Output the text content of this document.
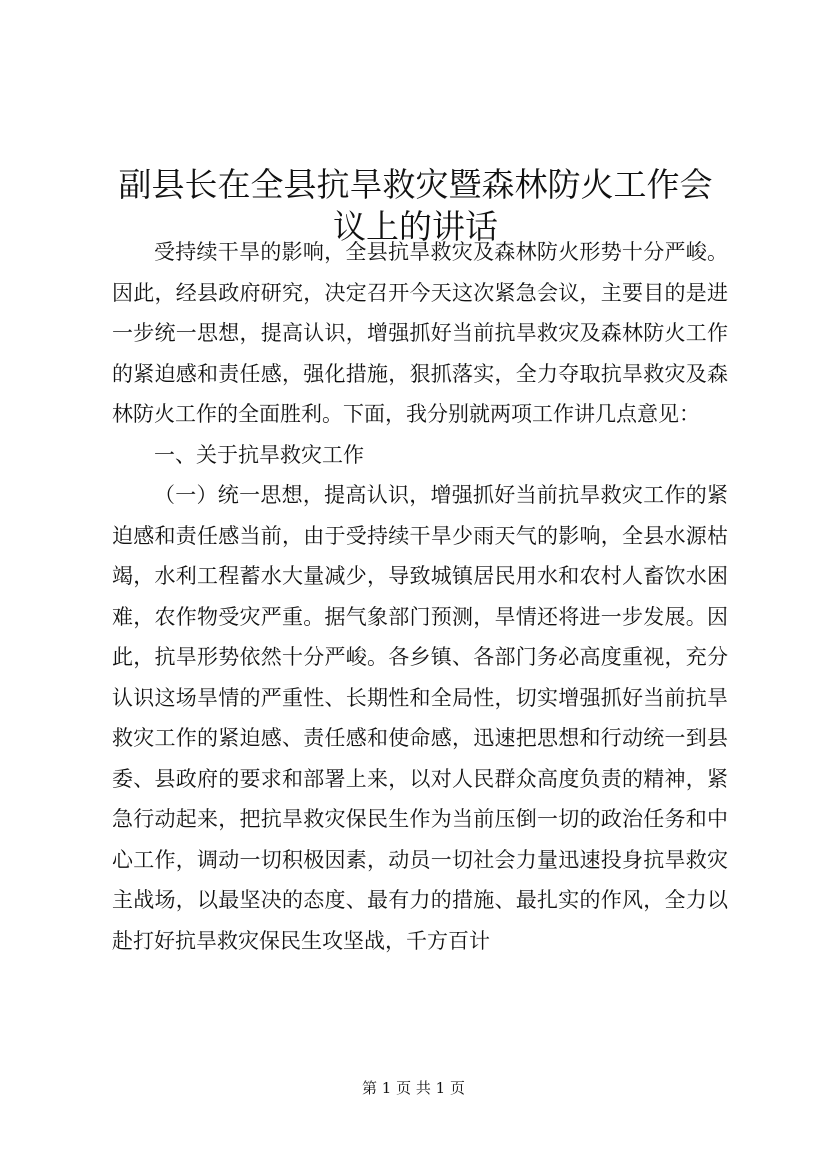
副县长在全县抗旱救灾暨森林防火工作会议上的讲话

受持续干旱的影响，全县抗旱救灾及森林防火形势十分严峻。因此，经县政府研究，决定召开今天这次紧急会议，主要目的是进一步统一思想，提高认识，增强抓好当前抗旱救灾及森林防火工作的紧迫感和责任感，强化措施，狠抓落实，全力夺取抗旱救灾及森林防火工作的全面胜利。下面，我分别就两项工作讲几点意见：

一、关于抗旱救灾工作

（一）统一思想，提高认识，增强抓好当前抗旱救灾工作的紧迫感和责任感当前，由于受持续干旱少雨天气的影响，全县水源枯竭，水利工程蓄水大量减少，导致城镇居民用水和农村人畜饮水困难，农作物受灾严重。据气象部门预测，旱情还将进一步发展。因此，抗旱形势依然十分严峻。各乡镇、各部门务必高度重视，充分认识这场旱情的严重性、长期性和全局性，切实增强抓好当前抗旱救灾工作的紧迫感、责任感和使命感，迅速把思想和行动统一到县委、县政府的要求和部署上来，以对人民群众高度负责的精神，紧急行动起来，把抗旱救灾保民生作为当前压倒一切的政治任务和中心工作，调动一切积极因素，动员一切社会力量迅速投身抗旱救灾主战场，以最坚决的态度、最有力的措施、最扎实的作风，全力以赴打好抗旱救灾保民生攻坚战，千方百计

第 1 页 共 1 页
